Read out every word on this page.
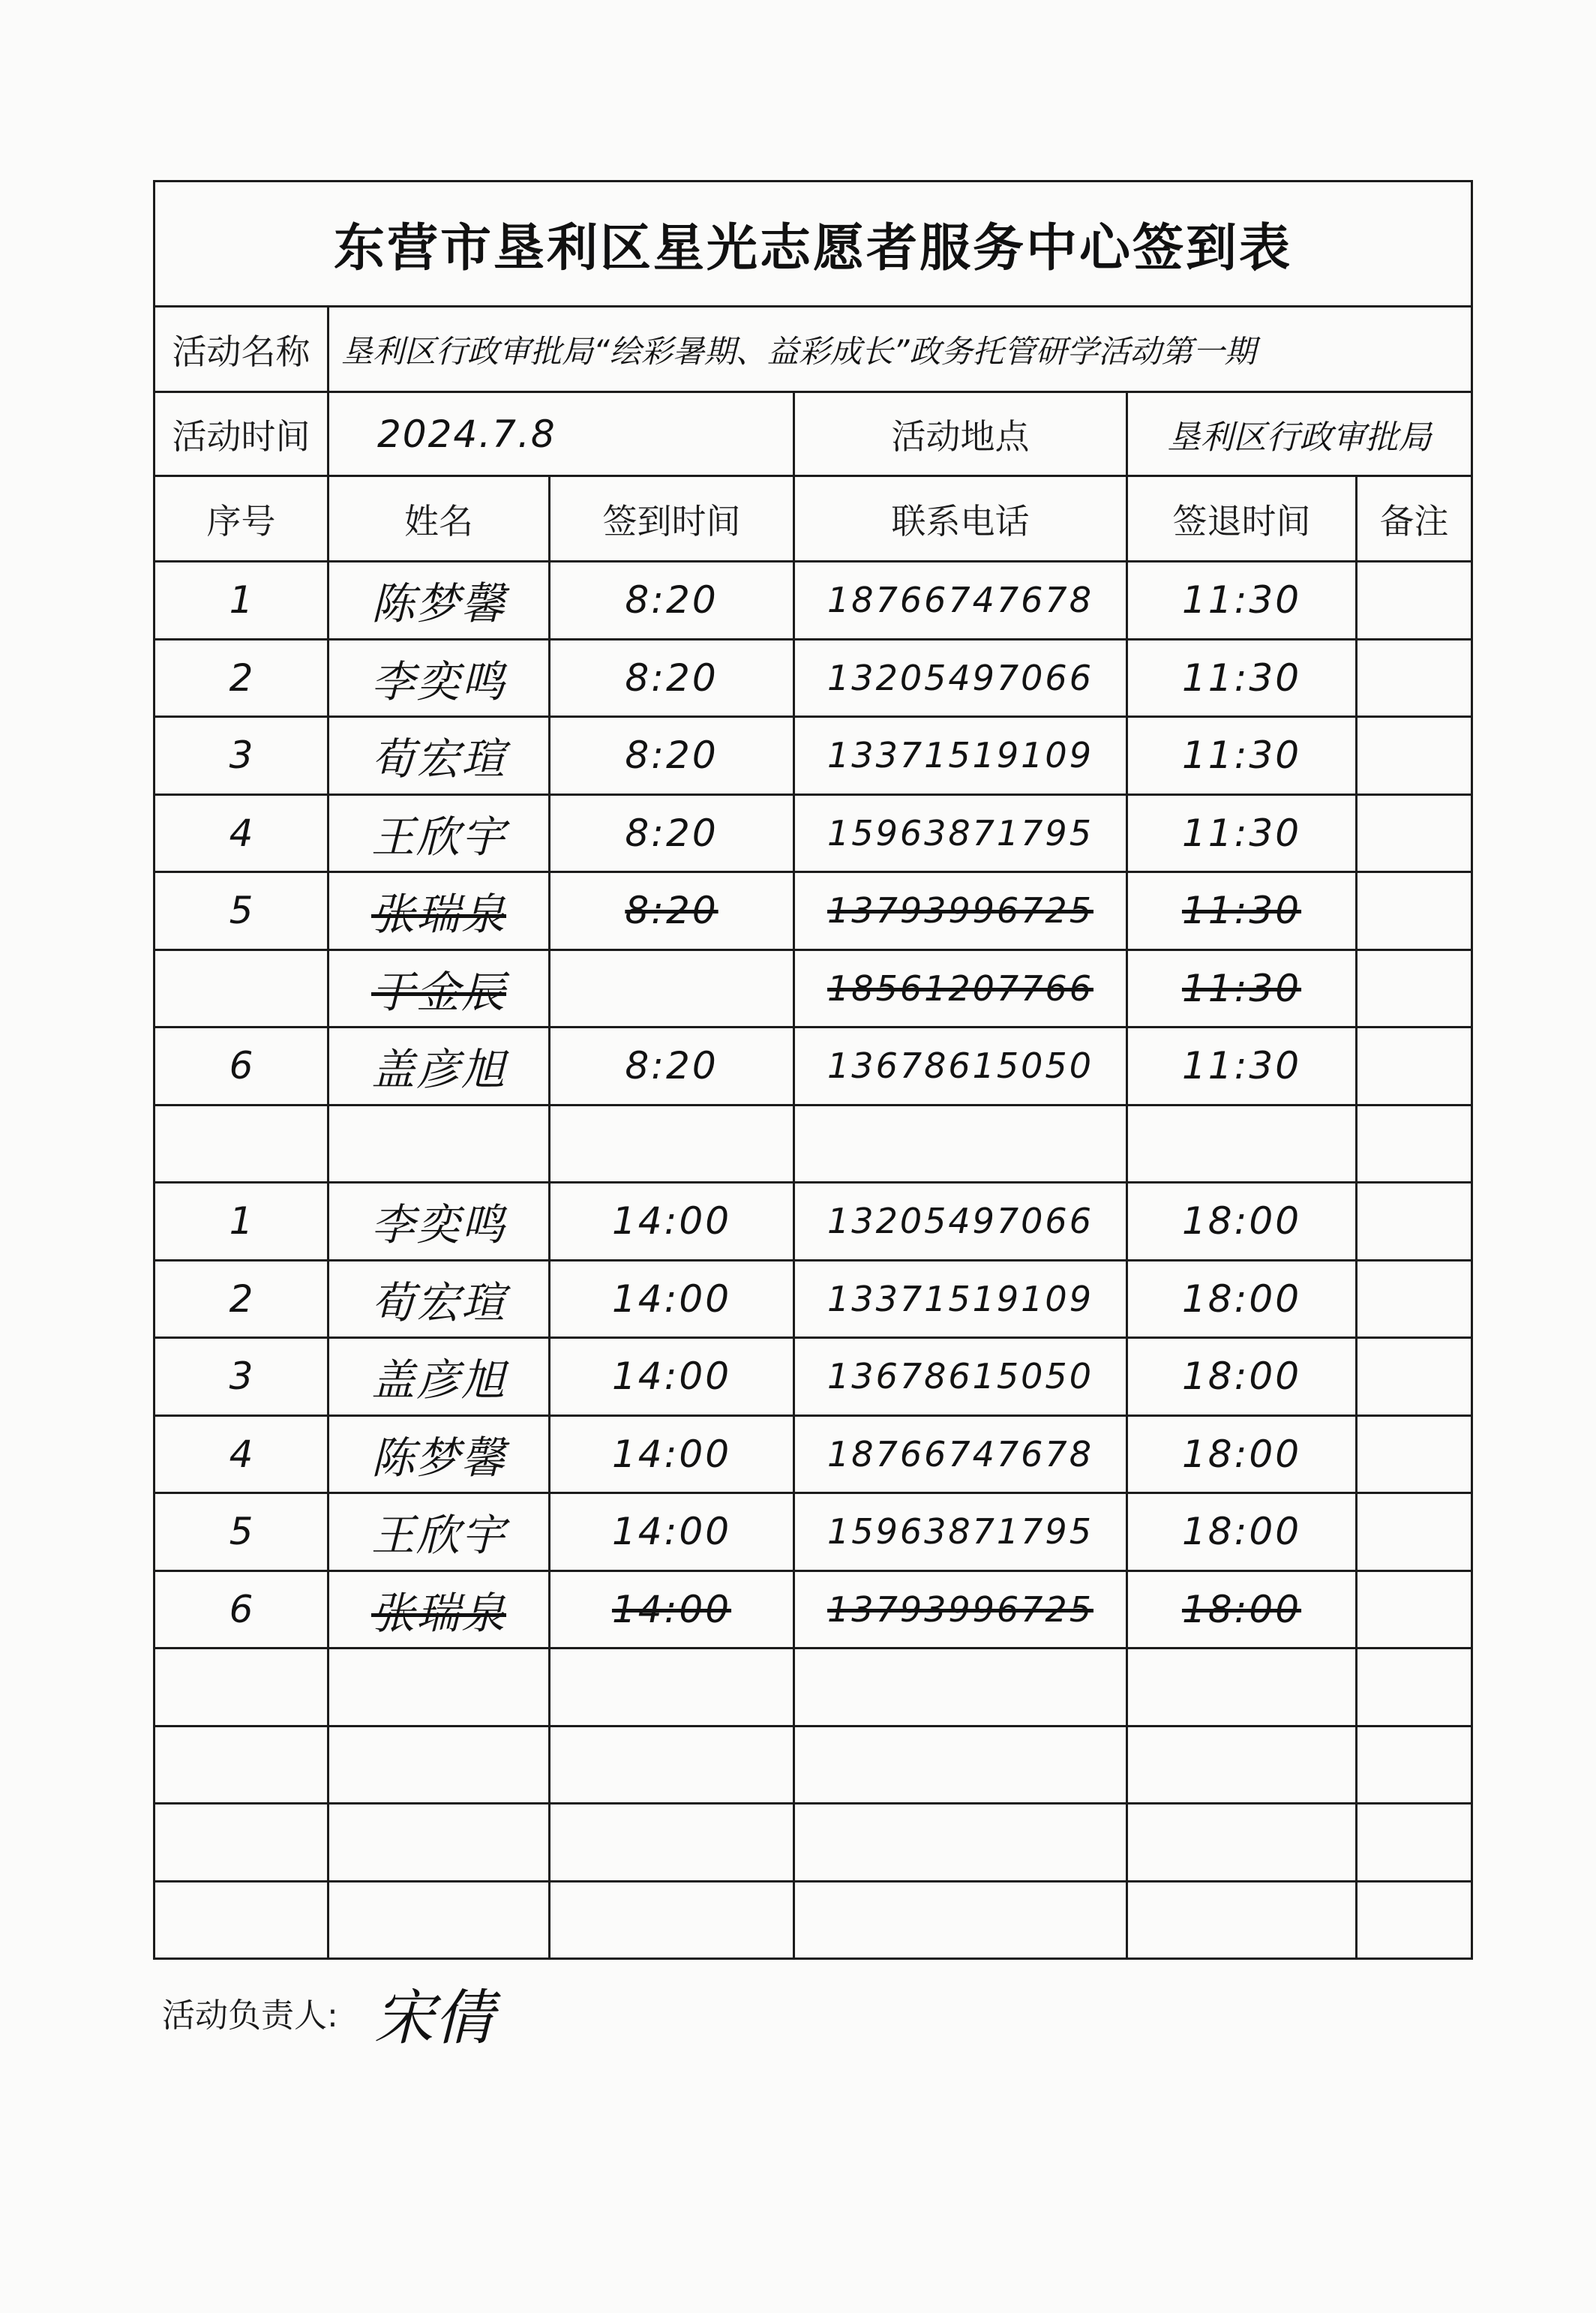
东营市垦利区星光志愿者服务中心签到表					
活动名称	垦利区行政审批局“绘彩暑期、益彩成长”政务托管研学活动第一期				
活动时间	2024.7.8		活动地点	垦利区行政审批局	
序号	姓名	签到时间	联系电话	签退时间	备注
1	陈梦馨	8:20	18766747678	11:30	
2	李奕鸣	8:20	13205497066	11:30	
3	荀宏瑄	8:20	13371519109	11:30	
4	王欣宇	8:20	15963871795	11:30	
5	张瑞泉	8:20	13793996725	11:30	
	于金辰		18561207766	11:30	
6	盖彦旭	8:20	13678615050	11:30	

1	李奕鸣	14:00	13205497066	18:00	
2	荀宏瑄	14:00	13371519109	18:00	
3	盖彦旭	14:00	13678615050	18:00	
4	陈梦馨	14:00	18766747678	18:00	
5	王欣宇	14:00	15963871795	18:00	
6	张瑞泉	14:00	13793996725	18:00	

活动负责人: 宋倩
